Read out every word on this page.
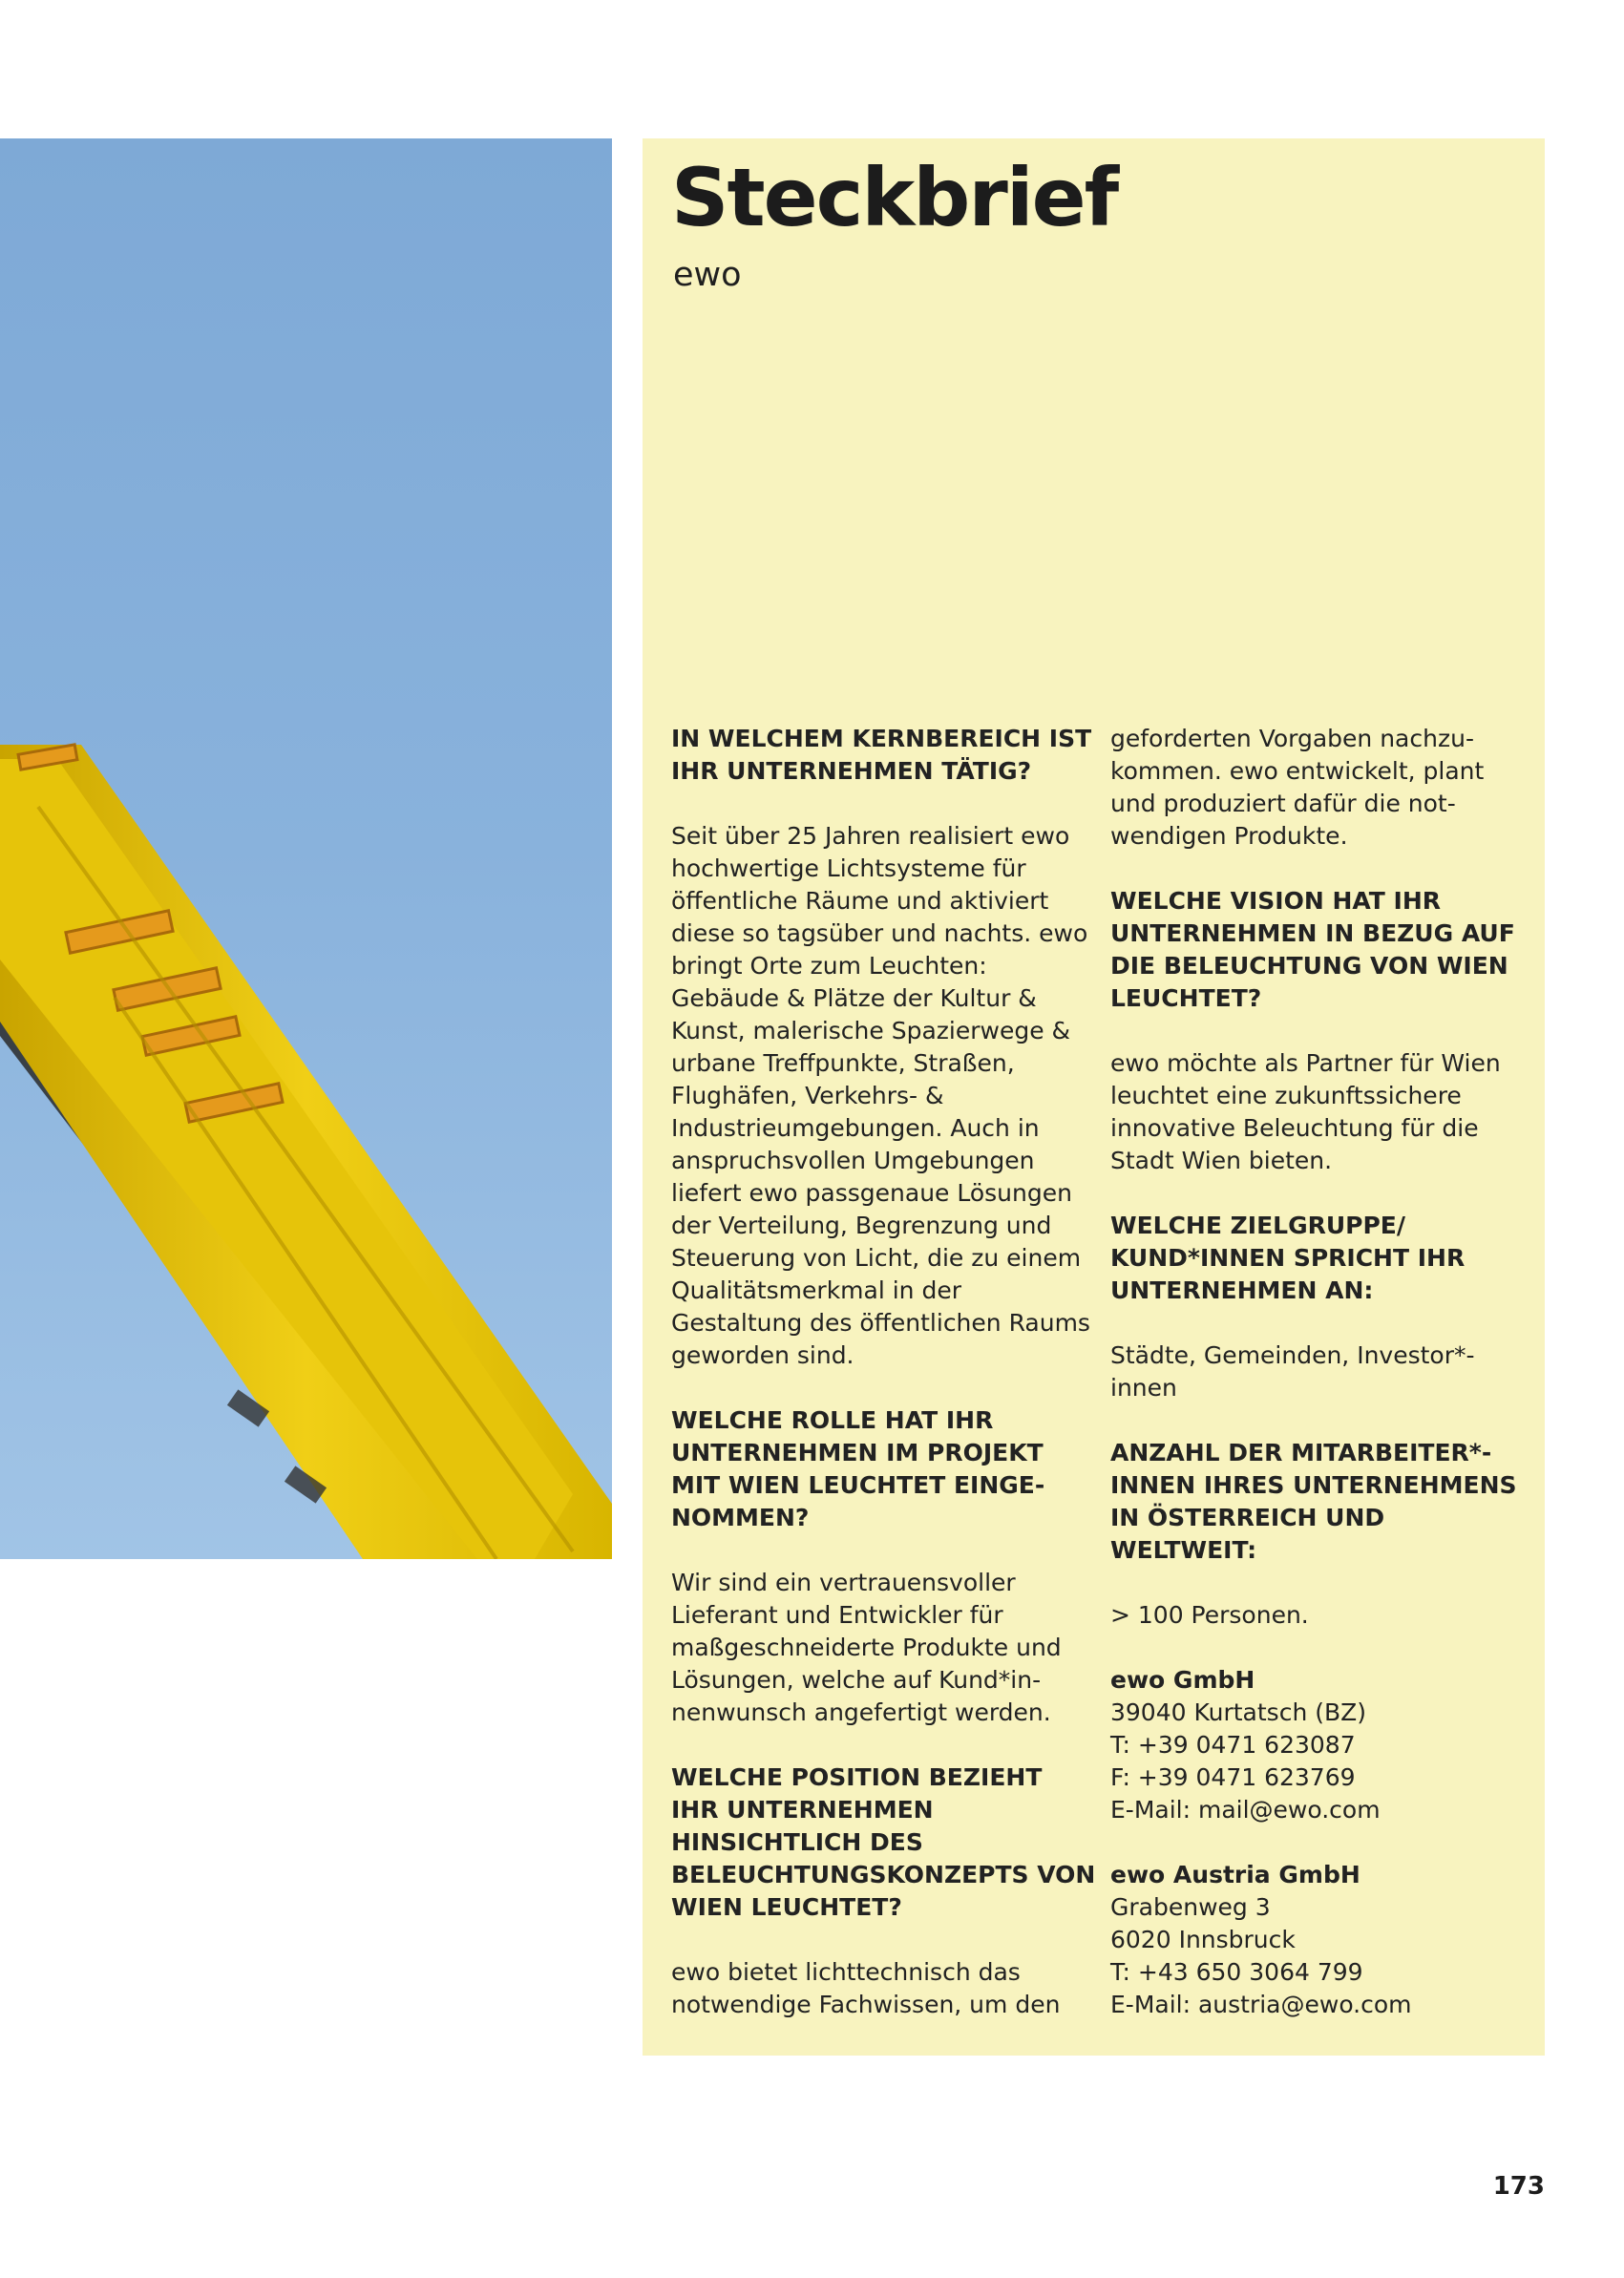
Steckbrief
ewo

IN WELCHEM KERNBEREICH IST IHR UNTERNEHMEN TÄTIG?

Seit über 25 Jahren realisiert ewo hochwertige Lichtsysteme für öffentliche Räume und aktiviert diese so tagsüber und nachts. ewo bringt Orte zum Leuchten: Gebäude & Plätze der Kultur & Kunst, malerische Spazierwege & urbane Treffpunkte, Straßen, Flughäfen, Verkehrs- & Industrieumgebungen. Auch in anspruchsvollen Umgebungen liefert ewo passgenaue Lösungen der Verteilung, Begrenzung und Steuerung von Licht, die zu einem Qualitätsmerkmal in der Gestaltung des öffentlichen Raums geworden sind.

WELCHE ROLLE HAT IHR UNTERNEHMEN IM PROJEKT MIT WIEN LEUCHTET EINGENOMMEN?

Wir sind ein vertrauensvoller Lieferant und Entwickler für maßgeschneiderte Produkte und Lösungen, welche auf Kund*innenwunsch angefertigt werden.

WELCHE POSITION BEZIEHT IHR UNTERNEHMEN HINSICHTLICH DES BELEUCHTUNGSKONZEPTS VON WIEN LEUCHTET?

ewo bietet lichttechnisch das notwendige Fachwissen, um den

geforderten Vorgaben nachzukommen. ewo entwickelt, plant und produziert dafür die notwendigen Produkte.

WELCHE VISION HAT IHR UNTERNEHMEN IN BEZUG AUF DIE BELEUCHTUNG VON WIEN LEUCHTET?

ewo möchte als Partner für Wien leuchtet eine zukunftssichere innovative Beleuchtung für die Stadt Wien bieten.

WELCHE ZIELGRUPPE/ KUND*INNEN SPRICHT IHR UNTERNEHMEN AN:

Städte, Gemeinden, Investor*-innen

ANZAHL DER MITARBEITER*-INNEN IHRES UNTERNEHMENS IN ÖSTERREICH UND WELTWEIT:

> 100 Personen.

ewo GmbH
39040 Kurtatsch (BZ)
T: +39 0471 623087
F: +39 0471 623769
E-Mail: mail@ewo.com
ewo Austria GmbH
Grabenweg 3
6020 Innsbruck
T: +43 650 3064 799
E-Mail: austria@ewo.com
173
